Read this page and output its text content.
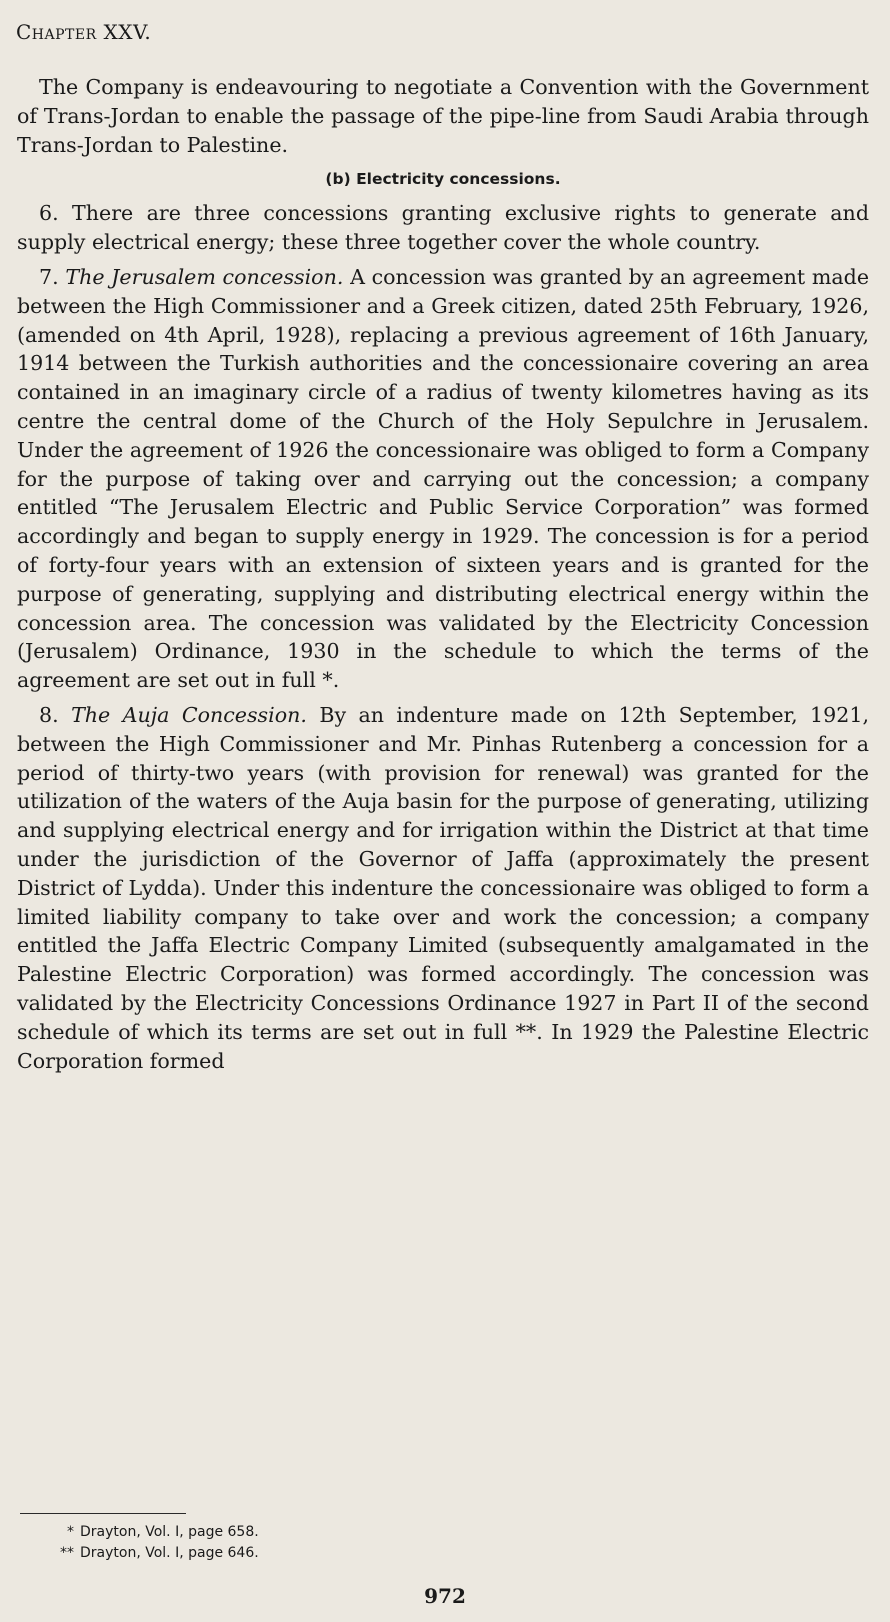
Chapter XXV.

The Company is endeavouring to negotiate a Convention with the Government of Trans-Jordan to enable the passage of the pipe-line from Saudi Arabia through Trans-Jordan to Palestine.

(b) Electricity concessions.

6. There are three concessions granting exclusive rights to generate and supply electrical energy; these three together cover the whole country.

7. The Jerusalem concession. A concession was granted by an agreement made between the High Commissioner and a Greek citizen, dated 25th February, 1926, (amended on 4th April, 1928), replacing a previous agreement of 16th January, 1914 between the Turkish authorities and the concessionaire covering an area contained in an imaginary circle of a radius of twenty kilometres having as its centre the central dome of the Church of the Holy Sepulchre in Jerusalem. Under the agreement of 1926 the concessionaire was obliged to form a Company for the purpose of taking over and carrying out the concession; a company entitled “The Jerusalem Electric and Public Service Corporation” was formed accordingly and began to supply energy in 1929. The concession is for a period of forty-four years with an extension of sixteen years and is granted for the purpose of generating, supplying and distributing electrical energy within the concession area. The concession was validated by the Electricity Concession (Jerusalem) Ordinance, 1930 in the schedule to which the terms of the agreement are set out in full *.

8. The Auja Concession. By an indenture made on 12th September, 1921, between the High Commissioner and Mr. Pinhas Rutenberg a concession for a period of thirty-two years (with provision for renewal) was granted for the utilization of the waters of the Auja basin for the purpose of generating, utilizing and supplying electrical energy and for irrigation within the District at that time under the jurisdiction of the Governor of Jaffa (approximately the present District of Lydda). Under this indenture the concessionaire was obliged to form a limited liability company to take over and work the concession; a company entitled the Jaffa Electric Company Limited (subsequently amalgamated in the Palestine Electric Corporation) was formed accordingly. The concession was validated by the Electricity Concessions Ordinance 1927 in Part II of the second schedule of which its terms are set out in full **. In 1929 the Palestine Electric Corporation formed

* Drayton, Vol. I, page 658.
** Drayton, Vol. I, page 646.
972
